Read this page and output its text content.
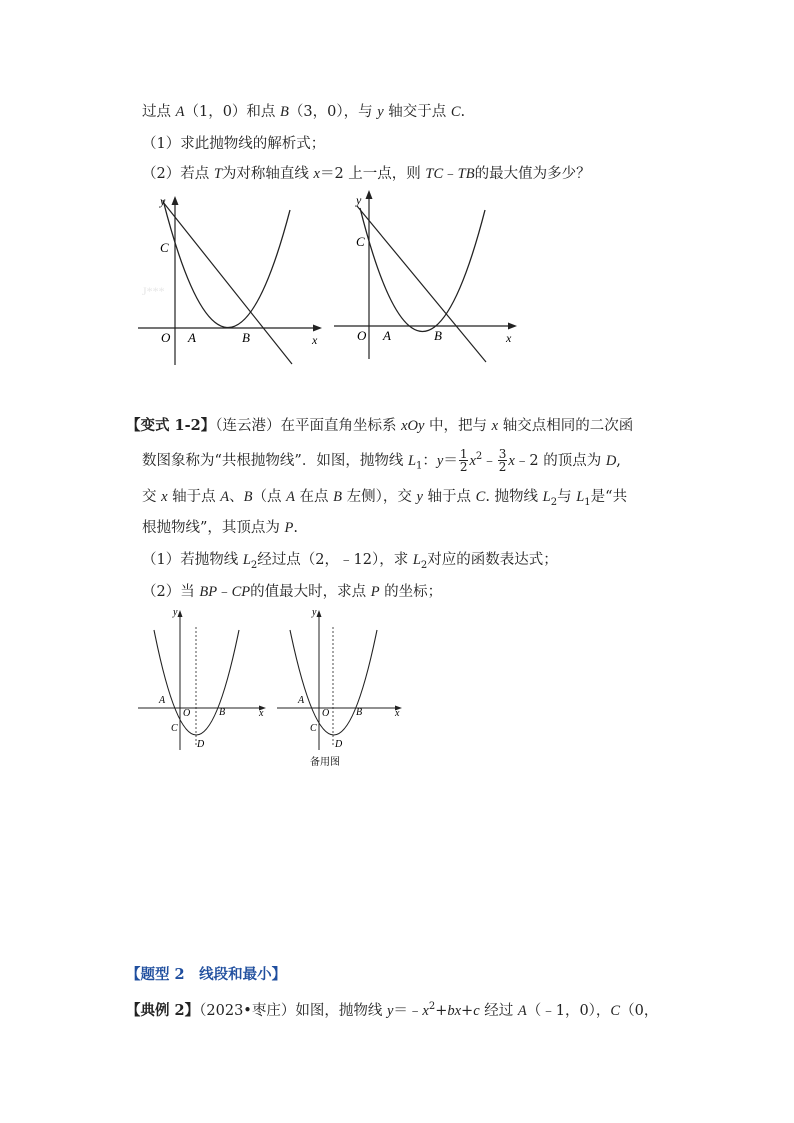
过点 A（1，0）和点 B（3，0），与 y 轴交于点 C.
（1）求此抛物线的解析式；
（2）若点 T为对称轴直线 x＝2 上一点，则 TC﹣TB的最大值为多少？
y
x
C
O A	B
J***
y
x
C
O A	B
【变式 1-2】（连云港）在平面直角坐标系 xOy 中，把与 x 轴交点相同的二次函
数图象称为“共根抛物线”．如图，抛物线 $L_1$：$y= \frac{1}{2}$ $x^2﹣ \frac{3}{2}$ x﹣2 的顶点为 D,
交 x 轴于点 A、B（点 A 在点 B 左侧），交 y 轴于点 C. 抛物线 $L_2$与 $L_1$是“共
根抛物线”，其顶点为 P.
（1）若抛物线 $L_2$经过点（2，﹣12），求 $L_2$对应的函数表达式；
（2）当 BP﹣CP的值最大时，求点 P 的坐标；
y
x
A
O	B
C
D
y
x
A
O	B
C
D
备用图
【题型 2　线段和最小】
【典例 2】（2023•枣庄）如图，抛物线 $y=﹣x^2+bx+c$ 经过 A（﹣1，0），C（0，
